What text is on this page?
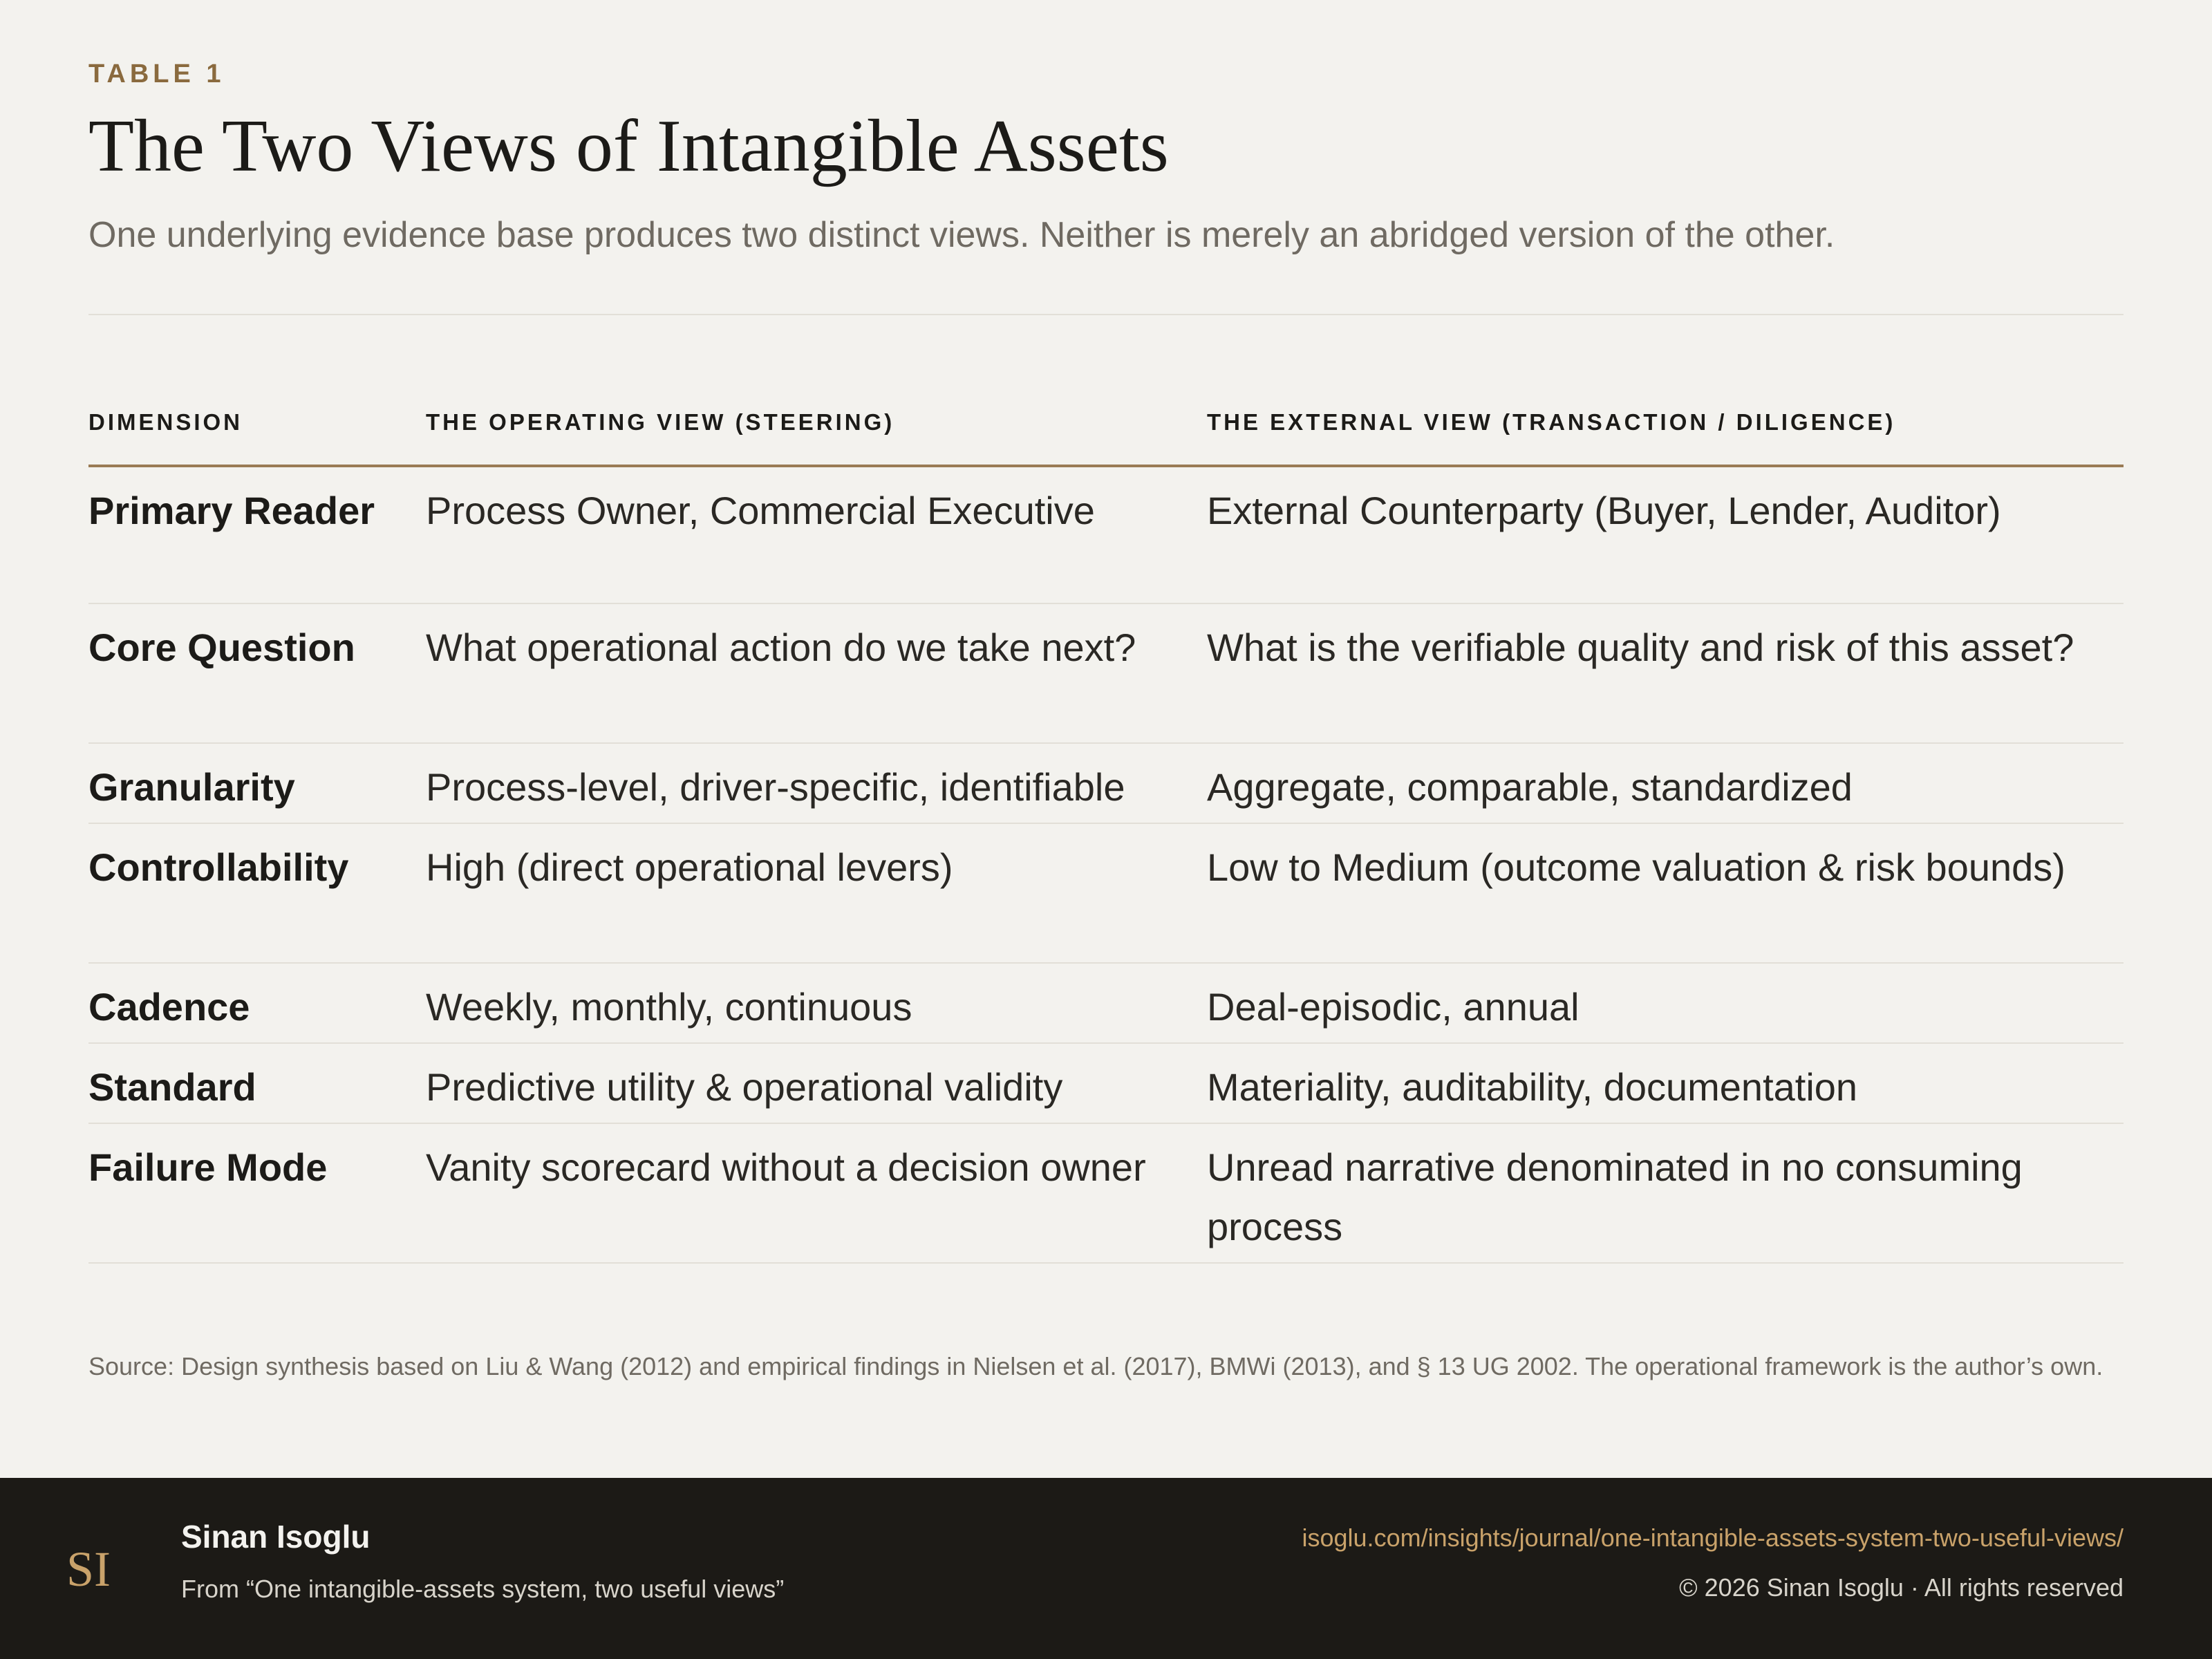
TABLE 1
The Two Views of Intangible Assets

One underlying evidence base produces two distinct views. Neither is merely an abridged version of the other.

DIMENSION	THE OPERATING VIEW (STEERING)	THE EXTERNAL VIEW (TRANSACTION / DILIGENCE)
Primary Reader	Process Owner, Commercial Executive	External Counterparty (Buyer, Lender, Auditor)
Core Question	What operational action do we take next?	What is the verifiable quality and risk of this asset?
Granularity	Process-level, driver-specific, identifiable	Aggregate, comparable, standardized
Controllability	High (direct operational levers)	Low to Medium (outcome valuation & risk bounds)
Cadence	Weekly, monthly, continuous	Deal-episodic, annual
Standard	Predictive utility & operational validity	Materiality, auditability, documentation
Failure Mode	Vanity scorecard without a decision owner	Unread narrative denominated in no consuming process

Source: Design synthesis based on Liu & Wang (2012) and empirical findings in Nielsen et al. (2017), BMWi (2013), and § 13 UG 2002. The operational framework is the author’s own.

SI
Sinan Isoglu
From “One intangible-assets system, two useful views”
isoglu.com/insights/journal/one-intangible-assets-system-two-useful-views/
© 2026 Sinan Isoglu · All rights reserved
